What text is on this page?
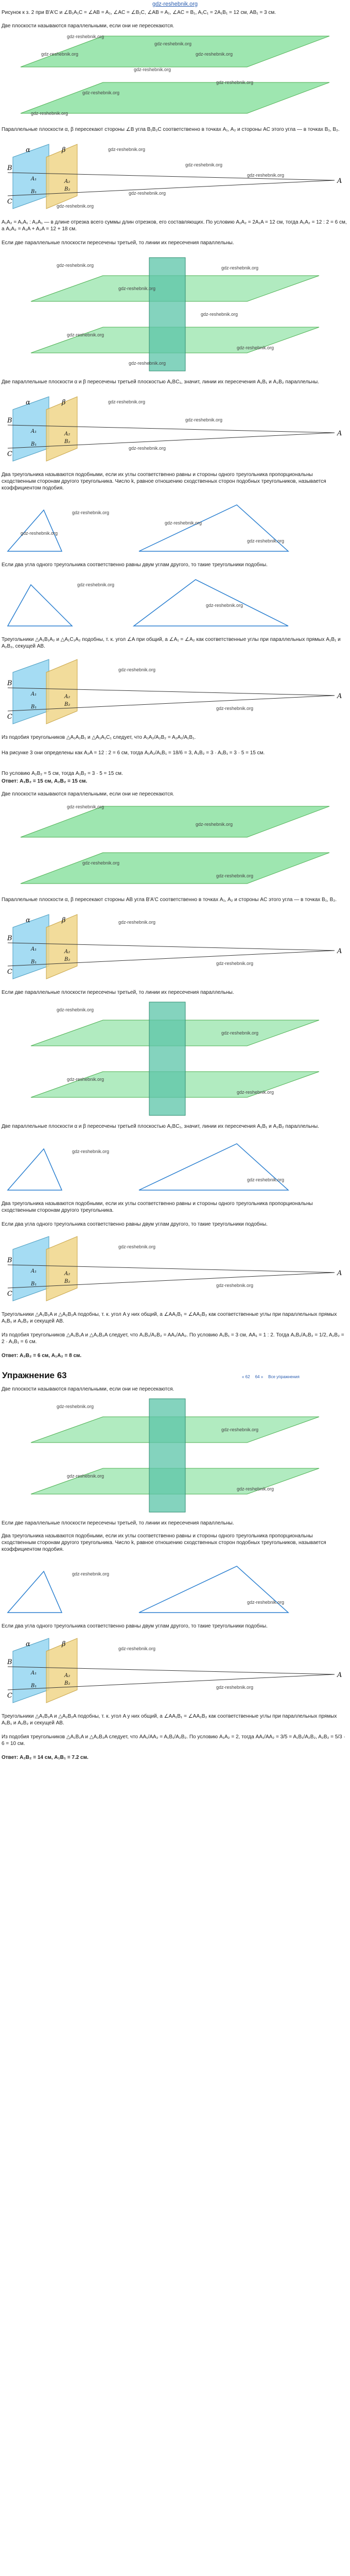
gdz-reshebnik.org
Рисунок к з. 2 при B'A'C и ∠B₁A₁C = ∠AB = A₁, ∠AC = ∠B₁C, ∠AB = A₁, ∠AC = B₁, A₁C₁ = 2A₁B₁ = 12 см, AB₁ = 3 см.
Две плоскости называются параллельными, если они не пересекаются.
gdz-reshebnik.org
gdz-reshebnik.org
gdz-reshebnik.org	gdz-reshebnik.org
gdz-reshebnik.org
gdz-reshebnik.org
gdz-reshebnik.org
gdz-reshebnik.org
Параллельные плоскости α, β пересекают стороны ∠B угла B₁B₂C соответственно в точках A₁, A₂ и стороны AC этого угла — в точках B₁, B₂.
B
C
A
α	β
A₁	A₂
B₁	B₂
gdz-reshebnik.org
gdz-reshebnik.org
gdz-reshebnik.org
gdz-reshebnik.org
gdz-reshebnik.org
A₁A₂ = A₁A₁ : A₂A₁ — в длине отрезка всего суммы длин отрезков, его составляющих. По условию A₁A₂ = 2A₁A = 12 см, тогда A₁A₂ = 12 : 2 = 6 см, а A₁A₂ = A₁A + A₂A = 12 + 18 см.
Если две параллельные плоскости пересечены третьей, то линии их пересечения параллельны.
gdz-reshebnik.org	gdz-reshebnik.org
gdz-reshebnik.org
gdz-reshebnik.org
gdz-reshebnik.org
gdz-reshebnik.org
gdz-reshebnik.org
Две параллельные плоскости α и β пересечены третьей плоскостью A₁BC₁, значит, линии их пересечения A₁B₁ и A₂B₂ параллельны.
B
C
A
α	β
A₁	A₂
B₁	B₂
gdz-reshebnik.org
gdz-reshebnik.org
gdz-reshebnik.org
Два треугольника называются подобными, если их углы соответственно равны и стороны одного треугольника пропорциональны сходственным сторонам другого треугольника. Число k, равное отношению сходственных сторон подобных треугольников, называется коэффициентом подобия.
gdz-reshebnik.org
gdz-reshebnik.org
gdz-reshebnik.org
gdz-reshebnik.org
Если два угла одного треугольника соответственно равны двум углам другого, то такие треугольники подобны.
gdz-reshebnik.org
gdz-reshebnik.org
Треугольники △A₁B₁A₂ и △A₁C₁A₂ подобны, т. к. угол ∠A при общий, а ∠A₁ = ∠A₂ как соответственные углы при параллельных прямых A₁B₁ и A₂B₂, секущей AB.
B
C
A
A₁	A₂
B₁	B₂
gdz-reshebnik.org
gdz-reshebnik.org
Из подобия треугольников △A₁A₂B₁ и △A₁A₁C₁ следует, что A₁A₂/A₂B₂ = A₂A₁/A₁B₁.
На рисунке 3 они определены как A₂A = 12 : 2 = 6 см, тогда A₁A₂/A₁B₁ = 18/6 = 3, A₁B₂ = 3 · A₁B₁ = 3 · 5 = 15 см.
По условию A₂B₂ = 5 см, тогда A₁B₂ = 3 · 5 = 15 см.
Ответ: A₁B₂ = 15 см, A₂B₂ = 15 см.
Две плоскости называются параллельными, если они не пересекаются.
gdz-reshebnik.org
gdz-reshebnik.org
gdz-reshebnik.org
gdz-reshebnik.org
Параллельные плоскости α, β пересекают стороны AB угла B'A'C соответственно в точках A₁, A₂ и стороны AC этого угла — в точках B₁, B₂.
B
C
A
α	β
A₁	A₂
B₁	B₂
gdz-reshebnik.org
gdz-reshebnik.org
Если две параллельные плоскости пересечены третьей, то линии их пересечения параллельны.
gdz-reshebnik.org
gdz-reshebnik.org
gdz-reshebnik.org
gdz-reshebnik.org
Две параллельные плоскости α и β пересечены третьей плоскостью A₁BC₁, значит, линии их пересечения A₁B₁ и A₂B₂ параллельны.
gdz-reshebnik.org
gdz-reshebnik.org
Два треугольника называются подобными, если их углы соответственно равны и стороны одного треугольника пропорциональны сходственным сторонам другого треугольника.
Если два угла одного треугольника соответственно равны двум углам другого, то такие треугольники подобны.
B
C
A
A₁	A₂
B₁	B₂
gdz-reshebnik.org
gdz-reshebnik.org
Треугольники △A₁B₁A и △A₂B₂A подобны, т. к. угол A у них общий, а ∠AA₁B₁ = ∠AA₂B₂ как соответственные углы при параллельных прямых A₁B₁ и A₂B₂ и секущей AB.
Из подобия треугольников △A₁B₁A и △A₂B₂A следует, что A₁B₁/A₂B₂ = AA₁/AA₂. По условию A₁B₁ = 3 см, AA₁ = 1 : 2. Тогда A₁B₁/A₂B₂ = 1/2, A₂B₂ = 2 · A₁B₁ = 6 см.
Ответ: A₂B₂ = 6 см, A₁A₂ = 8 см.
Упражнение 63	« 62 64 » Все упражнения
Две плоскости называются параллельными, если они не пересекаются.
gdz-reshebnik.org
gdz-reshebnik.org
gdz-reshebnik.org
gdz-reshebnik.org
Если две параллельные плоскости пересечены третьей, то линии их пересечения параллельны.
Два треугольника называются подобными, если их углы соответственно равны и стороны одного треугольника пропорциональны сходственным сторонам другого треугольника. Число k, равное отношению сходственных сторон подобных треугольников, называется коэффициентом подобия.
gdz-reshebnik.org
gdz-reshebnik.org
Если два угла одного треугольника соответственно равны двум углам другого, то такие треугольники подобны.
B
C
A
α	β
A₁	A₂
B₁	B₂
gdz-reshebnik.org
gdz-reshebnik.org
Треугольники △A₁B₁A и △A₂B₂A подобны, т. к. угол A у них общий, а ∠AA₁B₁ = ∠AA₂B₂ как соответственные углы при параллельных прямых A₁B₁ и A₂B₂ и секущей AB.
Из подобия треугольников △A₁B₁A и △A₂B₂A следует, что AA₁/AA₂ = A₁B₁/A₂B₂. По условию A₁A₂ = 2, тогда AA₁/AA₂ = 3/5 = A₁B₁/A₂B₂, A₂B₂ = 5/3 · 6 = 10 см.
Ответ: A₂B₂ = 14 см, A₁B₁ = 7.2 см.
